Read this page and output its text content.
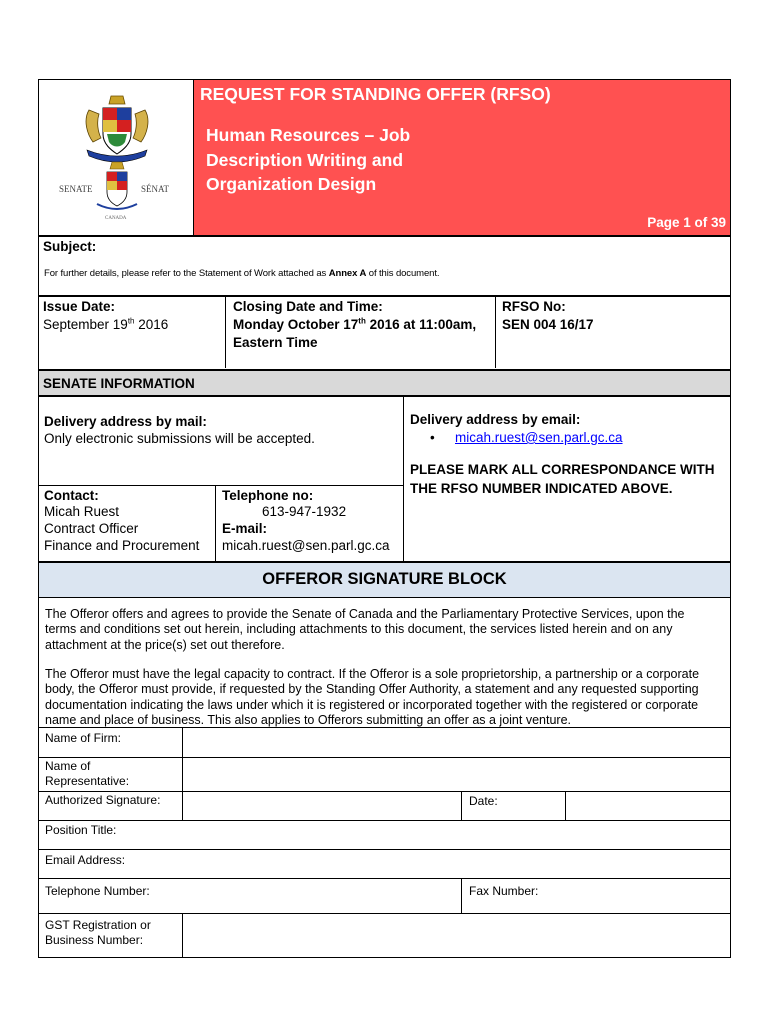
SENATE	SÉNAT
CANADA
REQUEST FOR STANDING OFFER (RFSO)
Human Resources – Job
Description Writing and
Organization Design
Page 1 of 39
Subject:
For further details, please refer to the Statement of Work attached as Annex A of this document.
Issue Date:
September 19th 2016
Closing Date and Time:
Monday October 17th 2016 at 11:00am,
Eastern Time
RFSO No:
SEN 004 16/17
SENATE INFORMATION
Delivery address by mail:
Only electronic submissions will be accepted.
Delivery address by email:
• micah.ruest@sen.parl.gc.ca
PLEASE MARK ALL CORRESPONDANCE WITH
THE RFSO NUMBER INDICATED ABOVE.
Contact:
Micah Ruest
Contract Officer
Finance and Procurement
Telephone no:
613-947-1932
E-mail:
micah.ruest@sen.parl.gc.ca
OFFEROR SIGNATURE BLOCK
The Offeror offers and agrees to provide the Senate of Canada and the Parliamentary Protective Services, upon the terms and conditions set out herein, including attachments to this document, the services listed herein and on any attachment at the price(s) set out therefore.
The Offeror must have the legal capacity to contract. If the Offeror is a sole proprietorship, a partnership or a corporate body, the Offeror must provide, if requested by the Standing Offer Authority, a statement and any requested supporting documentation indicating the laws under which it is registered or incorporated together with the registered or corporate name and place of business. This also applies to Offerors submitting an offer as a joint venture.
Name of Firm:
Name of Representative:
Authorized Signature:	Date:
Position Title:
Email Address:
Telephone Number:	Fax Number:
GST Registration or Business Number:
